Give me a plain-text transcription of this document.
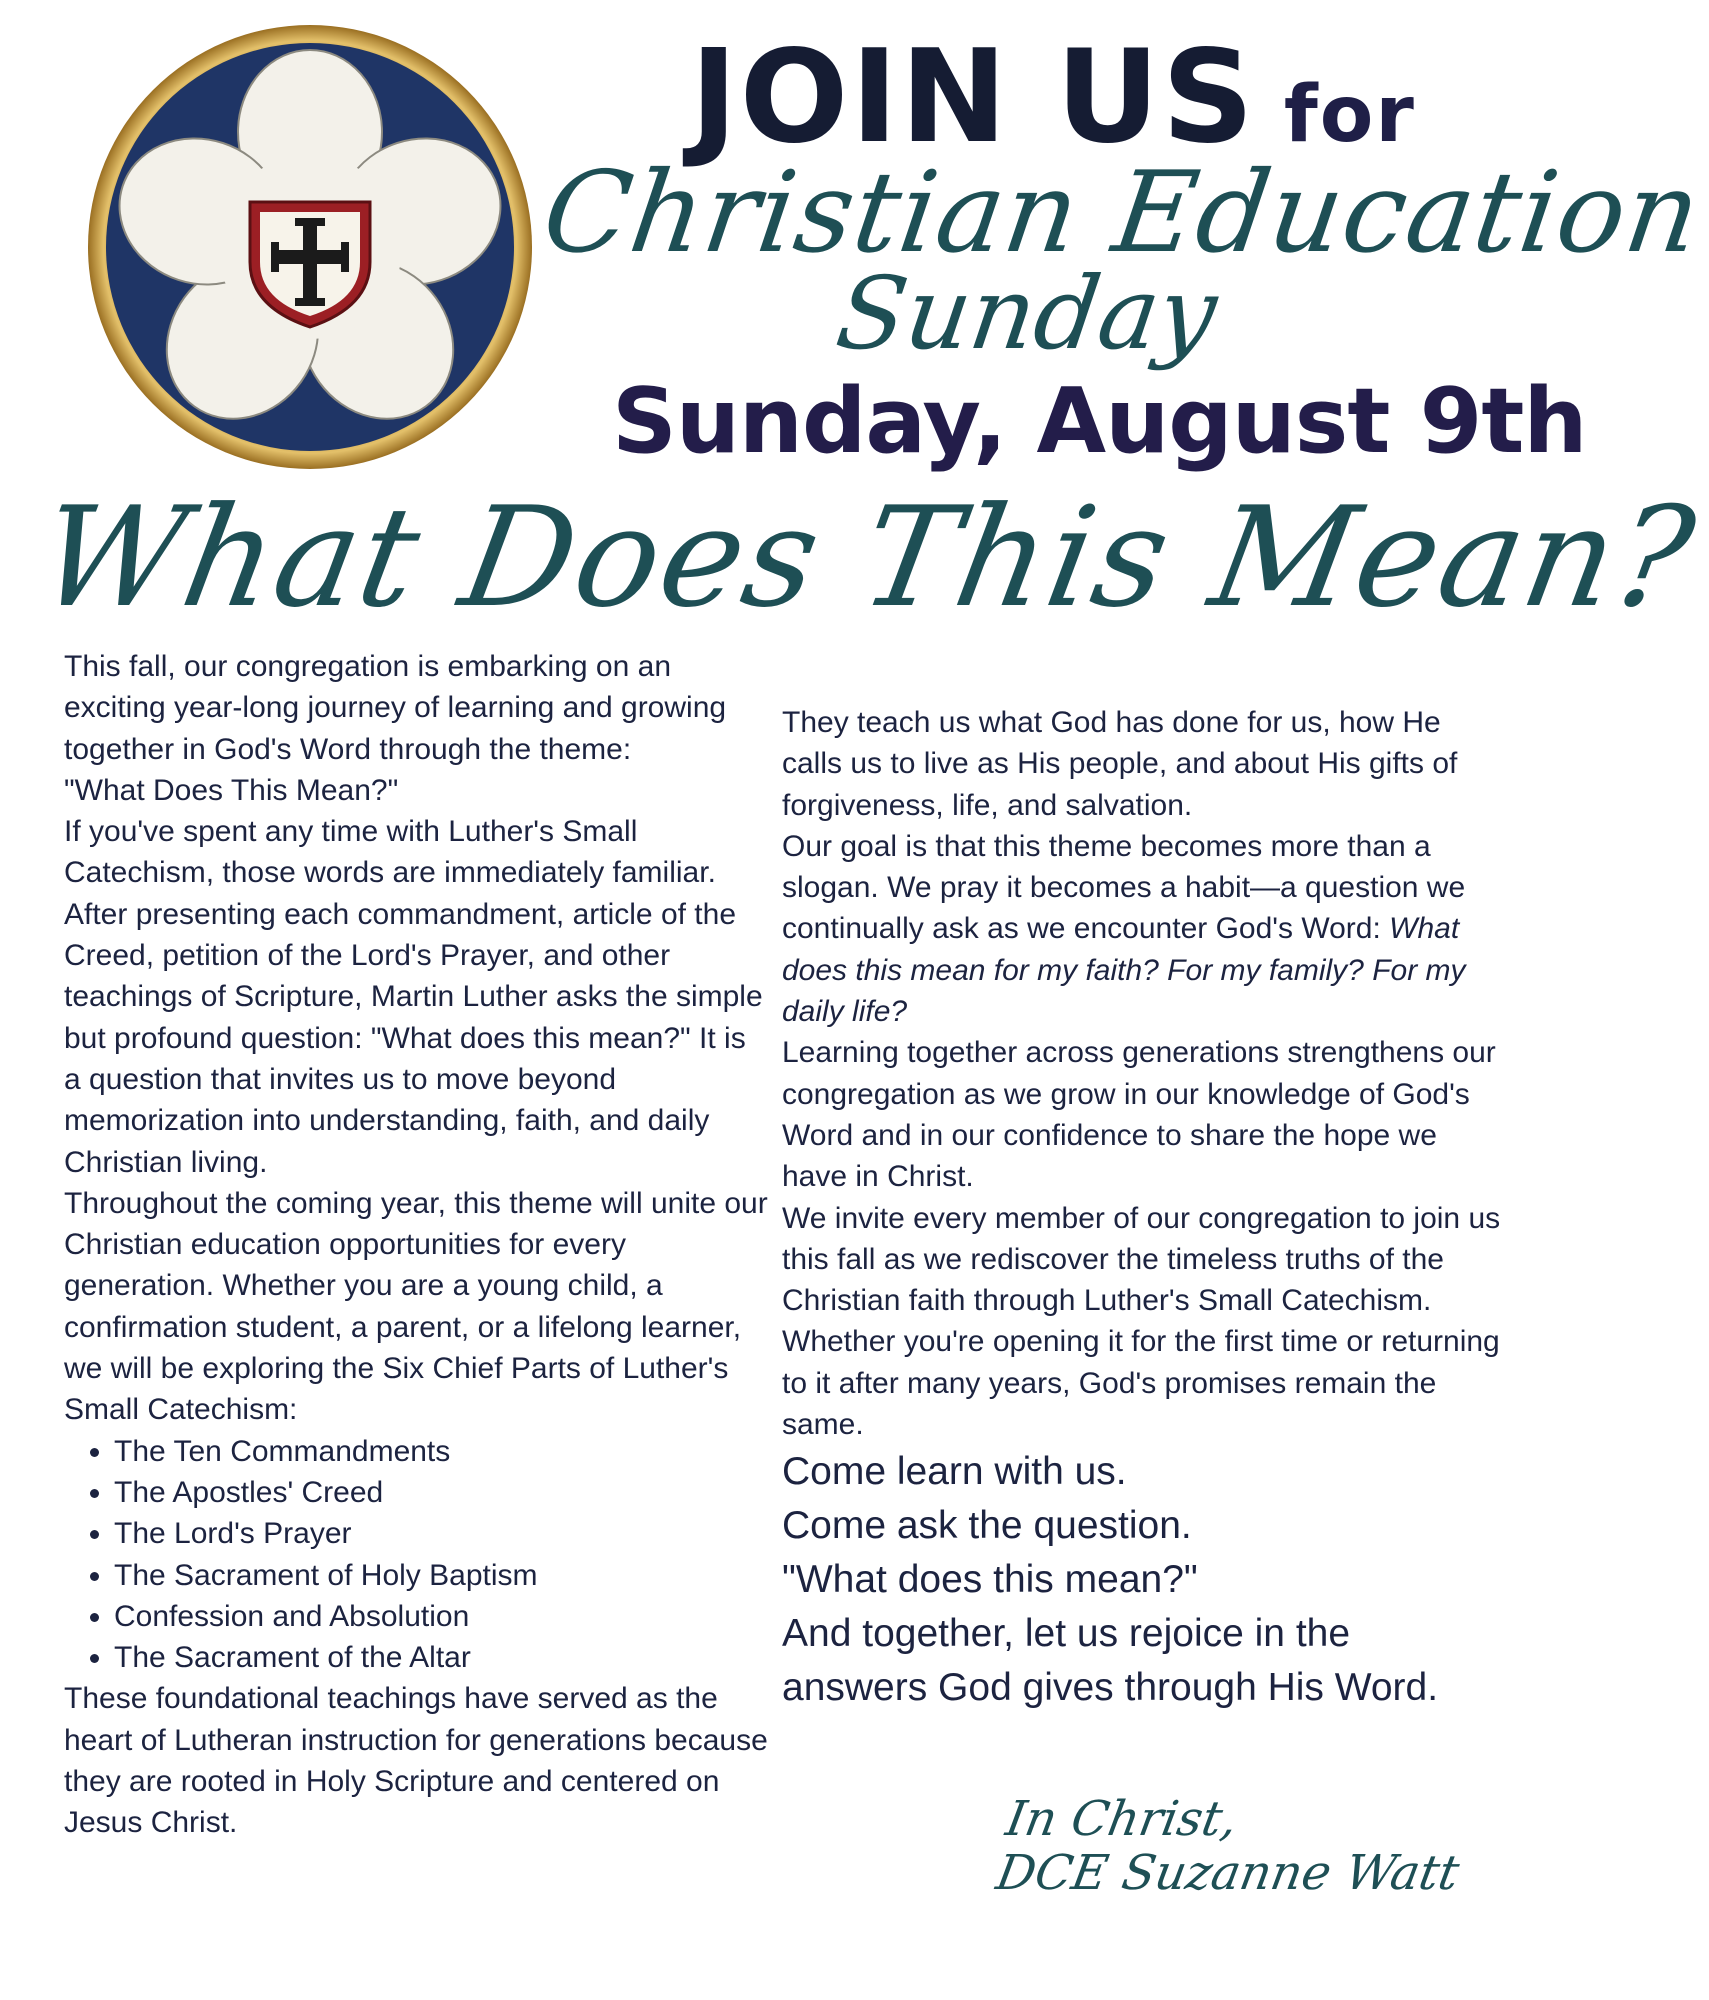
JOIN US for
Christian Education
Sunday
Sunday, August 9th
What Does This Mean?

This fall, our congregation is embarking on an exciting year-long journey of learning and growing together in God's Word through the theme:

"What Does This Mean?"

If you've spent any time with Luther's Small Catechism, those words are immediately familiar. After presenting each commandment, article of the Creed, petition of the Lord's Prayer, and other teachings of Scripture, Martin Luther asks the simple but profound question: "What does this mean?" It is a question that invites us to move beyond memorization into understanding, faith, and daily Christian living.

Throughout the coming year, this theme will unite our Christian education opportunities for every generation. Whether you are a young child, a confirmation student, a parent, or a lifelong learner, we will be exploring the Six Chief Parts of Luther's Small Catechism:

• The Ten Commandments
• The Apostles' Creed
• The Lord's Prayer
• The Sacrament of Holy Baptism
• Confession and Absolution
• The Sacrament of the Altar

These foundational teachings have served as the heart of Lutheran instruction for generations because they are rooted in Holy Scripture and centered on Jesus Christ.

They teach us what God has done for us, how He calls us to live as His people, and about His gifts of forgiveness, life, and salvation.

Our goal is that this theme becomes more than a slogan. We pray it becomes a habit—a question we continually ask as we encounter God's Word: What does this mean for my faith? For my family? For my daily life?

Learning together across generations strengthens our congregation as we grow in our knowledge of God's Word and in our confidence to share the hope we have in Christ.

We invite every member of our congregation to join us this fall as we rediscover the timeless truths of the Christian faith through Luther's Small Catechism. Whether you're opening it for the first time or returning to it after many years, God's promises remain the same.

Come learn with us.

Come ask the question.

"What does this mean?"

And together, let us rejoice in the answers God gives through His Word.

In Christ,
DCE Suzanne Watt
